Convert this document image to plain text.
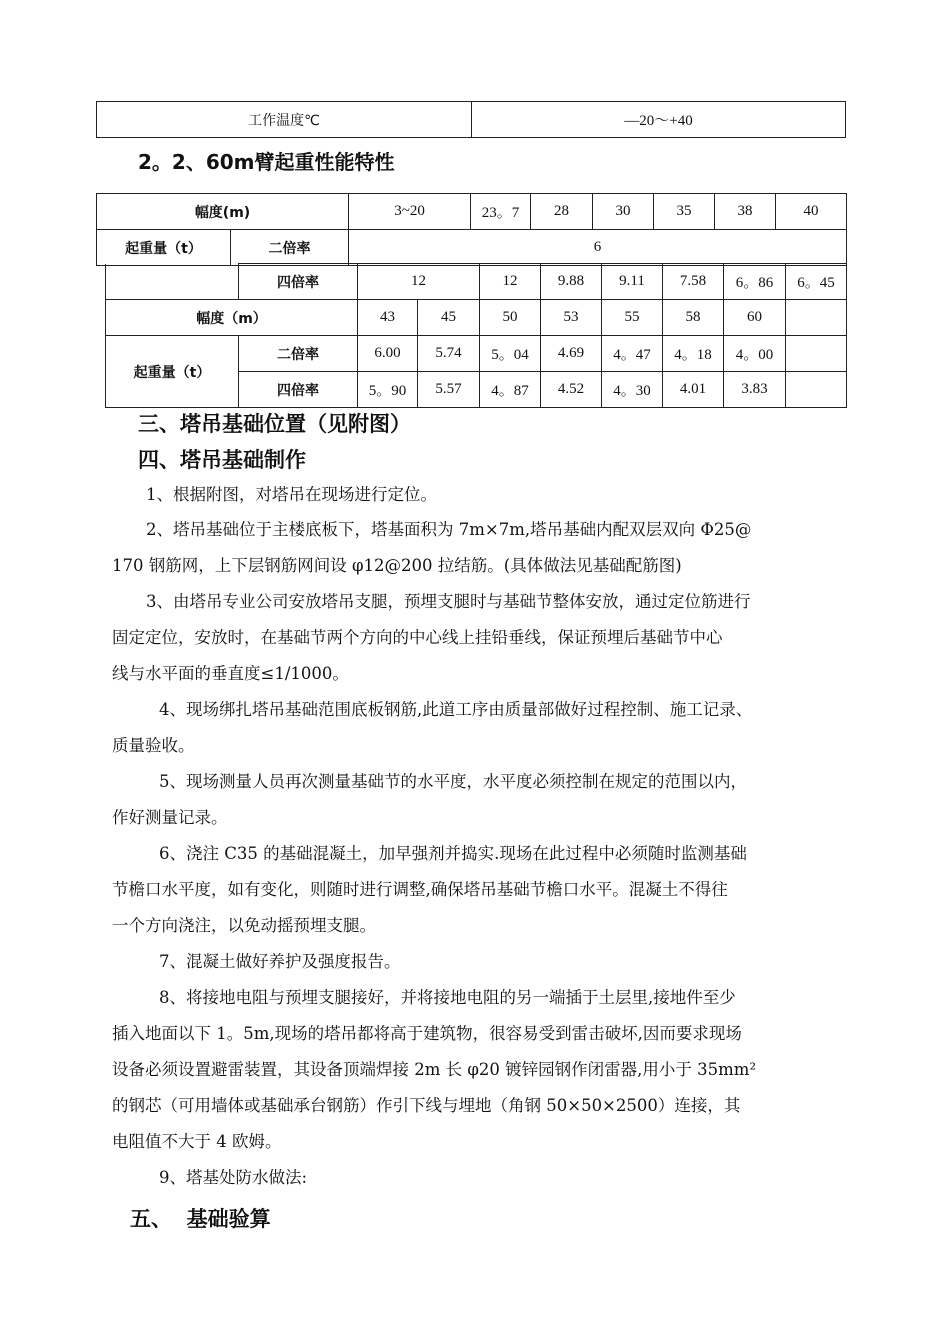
工作温度℃	—20～+40
2。2、60m臂起重性能特性
幅度(m)		3~20	23。7	28	30	35	38	40
起重量（t）	二倍率	6						
	四倍率	12		12	9.88	9.11	7.58	6。86	6。45
幅度（m）		43	45	50	53	55	58	60	
起重量（t）	二倍率	6.00	5.74	5。04	4.69	4。47	4。18	4。00	
	四倍率	5。90	5.57	4。87	4.52	4。30	4.01	3.83	
三、塔吊基础位置（见附图）
四、塔吊基础制作
1、根据附图，对塔吊在现场进行定位。
2、塔吊基础位于主楼底板下，塔基面积为 7m×7m,塔吊基础内配双层双向 Φ25@
170 钢筋网，上下层钢筋网间设 φ12@200 拉结筋。(具体做法见基础配筋图)
3、由塔吊专业公司安放塔吊支腿，预埋支腿时与基础节整体安放，通过定位筋进行
固定定位，安放时，在基础节两个方向的中心线上挂铅垂线，保证预埋后基础节中心
线与水平面的垂直度≤1/1000。
4、现场绑扎塔吊基础范围底板钢筋,此道工序由质量部做好过程控制、施工记录、
质量验收。
5、现场测量人员再次测量基础节的水平度，水平度必须控制在规定的范围以内，
作好测量记录。
6、浇注 C35 的基础混凝土，加早强剂并捣实.现场在此过程中必须随时监测基础
节檐口水平度，如有变化，则随时进行调整,确保塔吊基础节檐口水平。混凝土不得往
一个方向浇注，以免动摇预埋支腿。
7、混凝土做好养护及强度报告。
8、将接地电阻与预埋支腿接好，并将接地电阻的另一端插于土层里,接地件至少
插入地面以下 1。5m,现场的塔吊都将高于建筑物，很容易受到雷击破坏,因而要求现场
设备必须设置避雷装置，其设备顶端焊接 2m 长 φ20 镀锌园钢作闭雷器,用小于 35mm²
的钢芯（可用墙体或基础承台钢筋）作引下线与埋地（角钢 50×50×2500）连接，其
电阻值不大于 4 欧姆。
9、塔基处防水做法:
五、  基础验算
